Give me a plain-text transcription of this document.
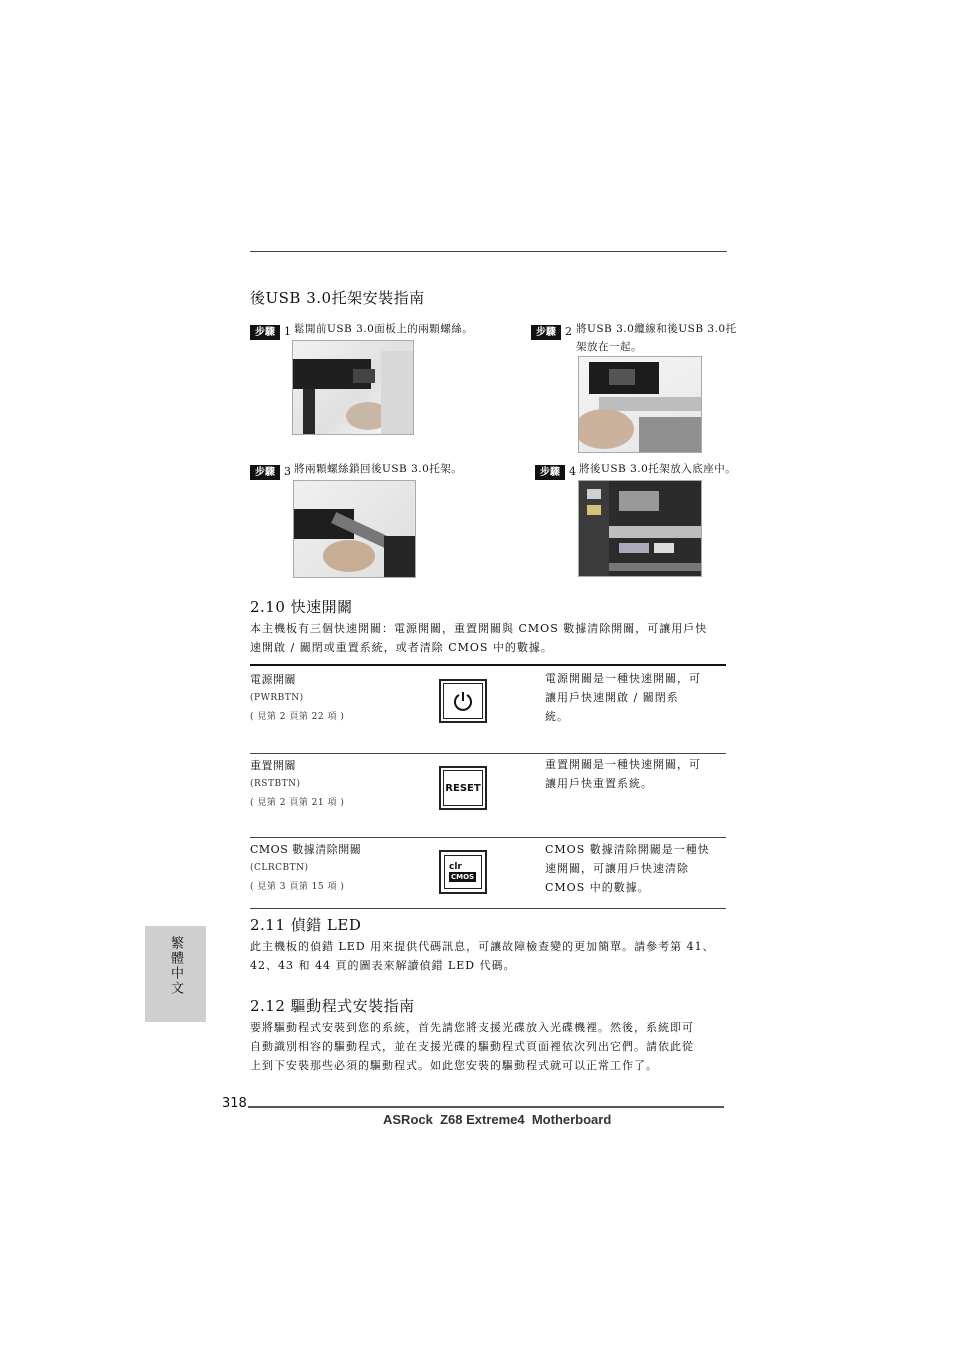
後USB 3.0托架安裝指南
步驟 1 鬆開前USB 3.0面板上的兩顆螺絲。	步驟 2 將USB 3.0纜線和後USB 3.0托
架放在一起。
步驟 3 將兩顆螺絲鎖回後USB 3.0托架。	步驟 4 將後USB 3.0托架放入底座中。
2.10 快速開關
本主機板有三個快速開關：電源開關，重置開關與 CMOS 數據清除開關，可讓用戶快
速開啟 / 關閉或重置系統，或者清除 CMOS 中的數據。
電源開關
(PWRBTN)
( 見第 2 頁第 22 項 )
電源開關是一種快速開關，可
讓用戶快速開啟 / 關閉系
統。
重置開關
(RSTBTN)
( 見第 2 頁第 21 項 )
RESET
重置開關是一種快速開關，可
讓用戶快重置系統。
CMOS 數據清除開關
(CLRCBTN)
( 見第 3 頁第 15 項 )
clr
CMOS
CMOS 數據清除開關是一種快
速開關，可讓用戶快速清除
CMOS 中的數據。
2.11 偵錯 LED
此主機板的偵錯 LED 用來提供代碼訊息，可讓故障檢查變的更加簡單。請參考第 41、
42、43 和 44 頁的圖表來解讀偵錯 LED 代碼。
2.12 驅動程式安裝指南
要將驅動程式安裝到您的系統，首先請您將支援光碟放入光碟機裡。然後，系統即可
自動識別相容的驅動程式，並在支援光碟的驅動程式頁面裡依次列出它們。請依此從
上到下安裝那些必須的驅動程式。如此您安裝的驅動程式就可以正常工作了。
繁體中文
318
ASRock  Z68 Extreme4  Motherboard
